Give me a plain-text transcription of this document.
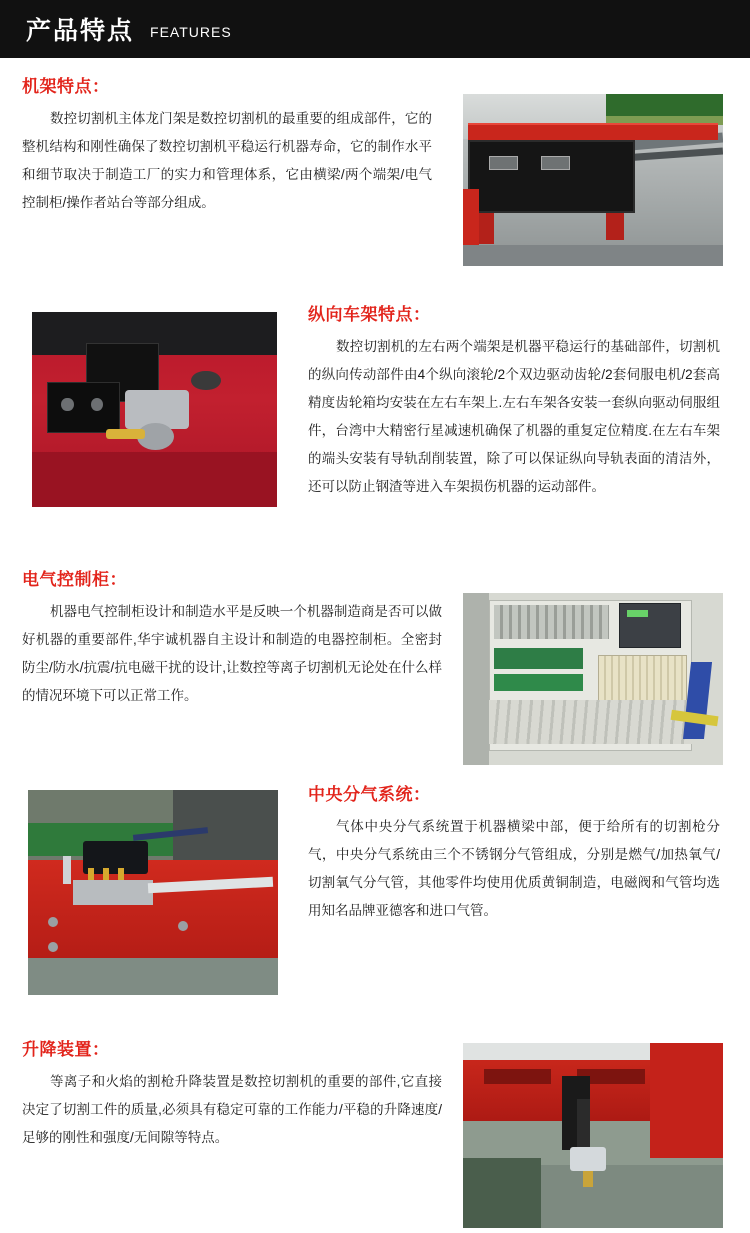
产品特点 FEATURES
机架特点：
数控切割机主体龙门架是数控切割机的最重要的组成部件，它的整机结构和刚性确保了数控切割机平稳运行机器寿命，它的制作水平和细节取决于制造工厂的实力和管理体系，它由横梁/两个端架/电气控制柜/操作者站台等部分组成。
纵向车架特点：
数控切割机的左右两个端架是机器平稳运行的基础部件，切割机的纵向传动部件由4个纵向滚轮/2个双边驱动齿轮/2套伺服电机/2套高精度齿轮箱均安装在左右车架上.左右车架各安装一套纵向驱动伺服组件，台湾中大精密行星减速机确保了机器的重复定位精度.在左右车架的端头安装有导轨刮削装置，除了可以保证纵向导轨表面的清洁外，还可以防止钢渣等进入车架损伤机器的运动部件。
电气控制柜：
机器电气控制柜设计和制造水平是反映一个机器制造商是否可以做好机器的重要部件,华宇诚机器自主设计和制造的电器控制柜。全密封防尘/防水/抗震/抗电磁干扰的设计,让数控等离子切割机无论处在什么样的情况环境下可以正常工作。
中央分气系统：
气体中央分气系统置于机器横梁中部，便于给所有的切割枪分气，中央分气系统由三个不锈钢分气管组成，分别是燃气/加热氧气/切割氧气分气管，其他零件均使用优质黄铜制造，电磁阀和气管均选用知名品牌亚德客和进口气管。
升降装置：
等离子和火焰的割枪升降装置是数控切割机的重要的部件,它直接决定了切割工件的质量,必须具有稳定可靠的工作能力/平稳的升降速度/足够的刚性和强度/无间隙等特点。
